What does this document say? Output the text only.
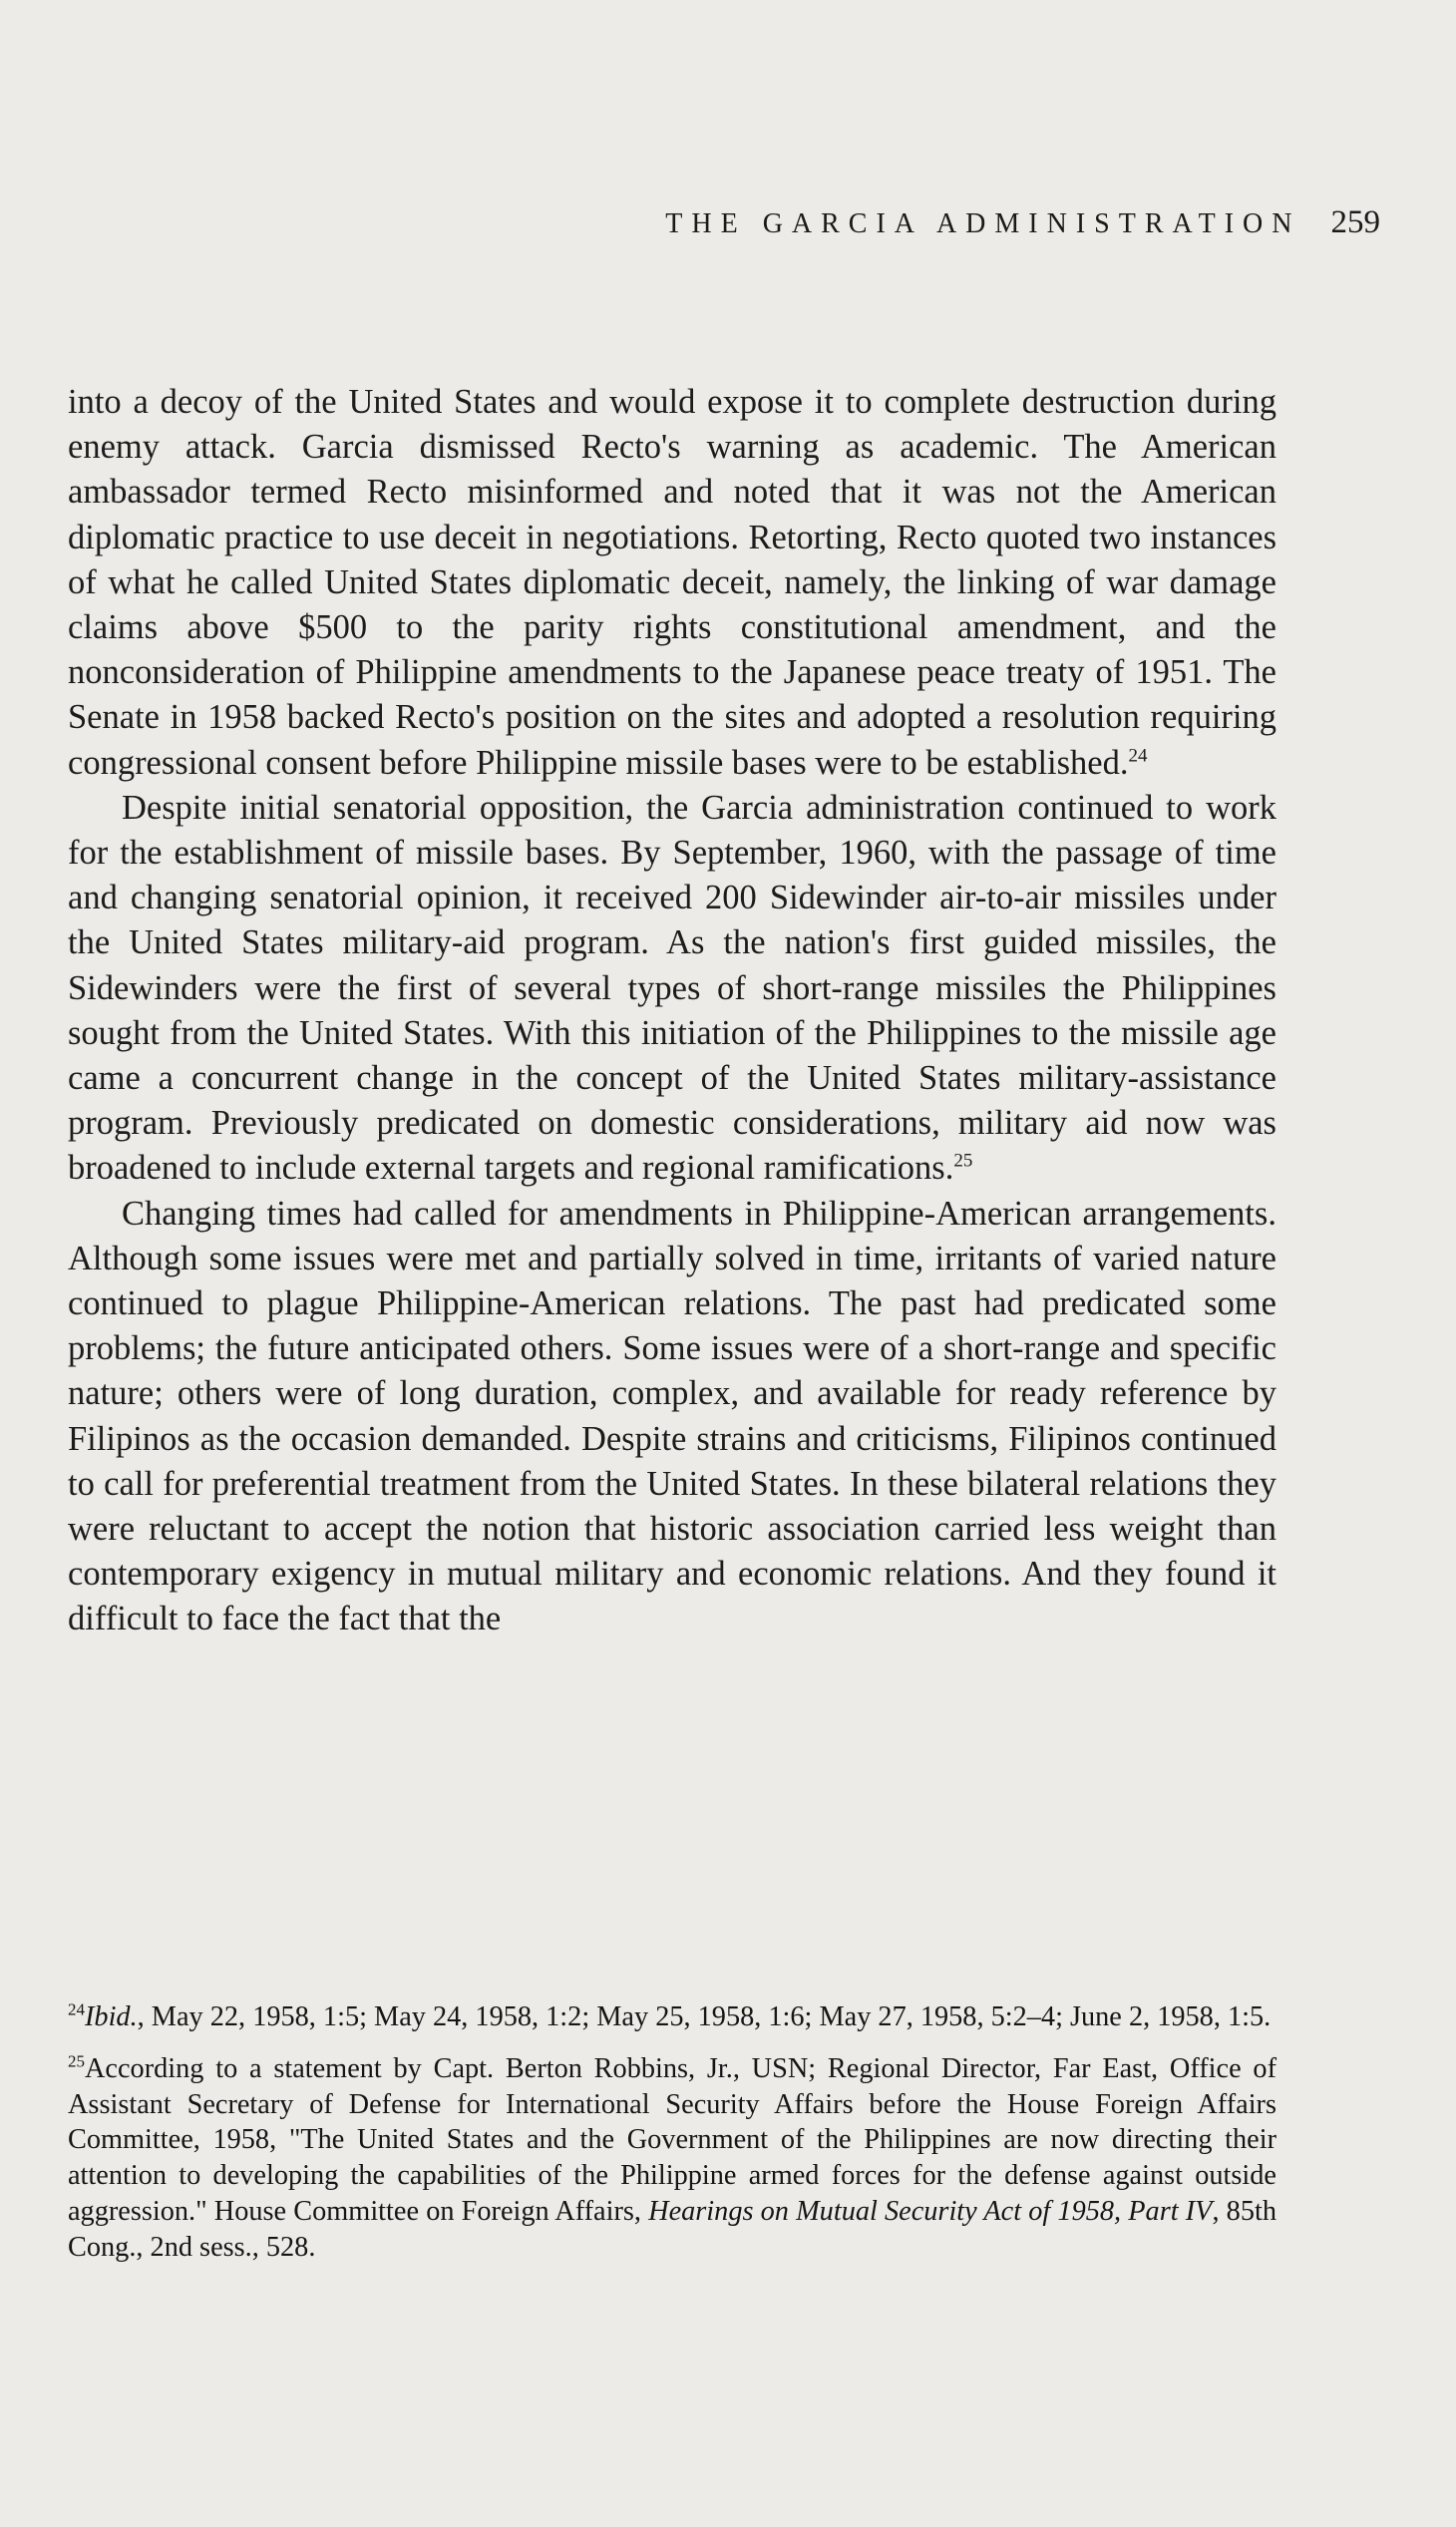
THE GARCIA ADMINISTRATION 259

into a decoy of the United States and would expose it to complete destruction during enemy attack. Garcia dismissed Recto's warning as academic. The American ambassador termed Recto misinformed and noted that it was not the American diplomatic practice to use deceit in negotiations. Retorting, Recto quoted two instances of what he called United States diplomatic deceit, namely, the linking of war damage claims above $500 to the parity rights constitutional amendment, and the nonconsideration of Philippine amendments to the Japanese peace treaty of 1951. The Senate in 1958 backed Recto's position on the sites and adopted a resolution requiring congressional consent before Philippine missile bases were to be established.$^{24}$

Despite initial senatorial opposition, the Garcia administration continued to work for the establishment of missile bases. By September, 1960, with the passage of time and changing senatorial opinion, it received 200 Sidewinder air-to-air missiles under the United States military-aid program. As the nation's first guided missiles, the Sidewinders were the first of several types of short-range missiles the Philippines sought from the United States. With this initiation of the Philippines to the missile age came a concurrent change in the concept of the United States military-assistance program. Previously predicated on domestic considerations, military aid now was broadened to include external targets and regional ramifications.$^{25}$

Changing times had called for amendments in Philippine-American arrangements. Although some issues were met and partially solved in time, irritants of varied nature continued to plague Philippine-American relations. The past had predicated some problems; the future anticipated others. Some issues were of a short-range and specific nature; others were of long duration, complex, and available for ready reference by Filipinos as the occasion demanded. Despite strains and criticisms, Filipinos continued to call for preferential treatment from the United States. In these bilateral relations they were reluctant to accept the notion that historic association carried less weight than contemporary exigency in mutual military and economic relations. And they found it difficult to face the fact that the

$^{24}$Ibid., May 22, 1958, 1:5; May 24, 1958, 1:2; May 25, 1958, 1:6; May 27, 1958, 5:2–4; June 2, 1958, 1:5.

$^{25}$According to a statement by Capt. Berton Robbins, Jr., USN; Regional Director, Far East, Office of Assistant Secretary of Defense for International Security Affairs before the House Foreign Affairs Committee, 1958, "The United States and the Government of the Philippines are now directing their attention to developing the capabilities of the Philippine armed forces for the defense against outside aggression." House Committee on Foreign Affairs, Hearings on Mutual Security Act of 1958, Part IV, 85th Cong., 2nd sess., 528.
